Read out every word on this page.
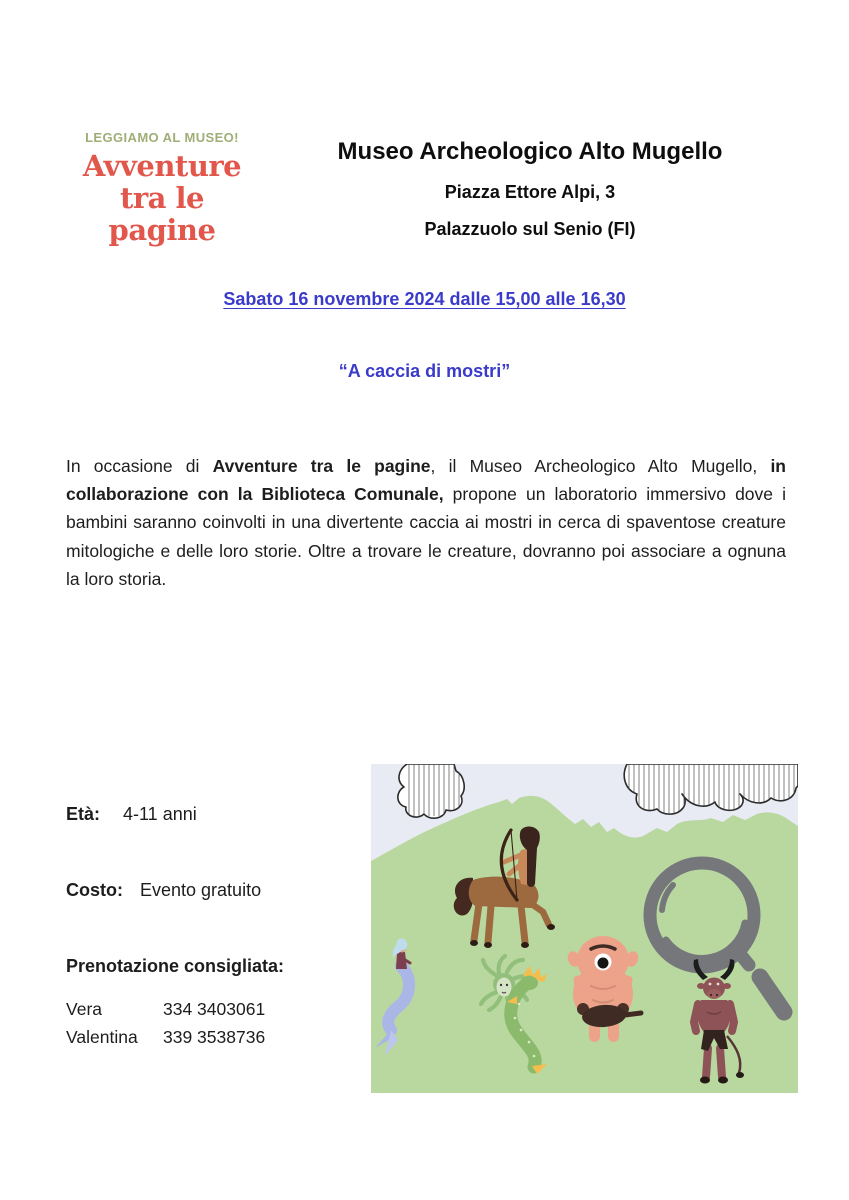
LEGGIAMO AL MUSEO!
Avventure
tra le pagine
Museo Archeologico Alto Mugello
Piazza Ettore Alpi, 3
Palazzuolo sul Senio (FI)
Sabato 16 novembre 2024 dalle 15,00 alle 16,30
“A caccia di mostri”

In occasione di Avventure tra le pagine, il Museo Archeologico Alto Mugello, in collaborazione con la Biblioteca Comunale, propone un laboratorio immersivo dove i bambini saranno coinvolti in una divertente caccia ai mostri in cerca di spaventose creature mitologiche e delle loro storie. Oltre a trovare le creature, dovranno poi associare a ognuna la loro storia.

Età: 4-11 anni
Costo: Evento gratuito
Prenotazione consigliata:
Vera	334 3403061
Valentina	339 3538736
